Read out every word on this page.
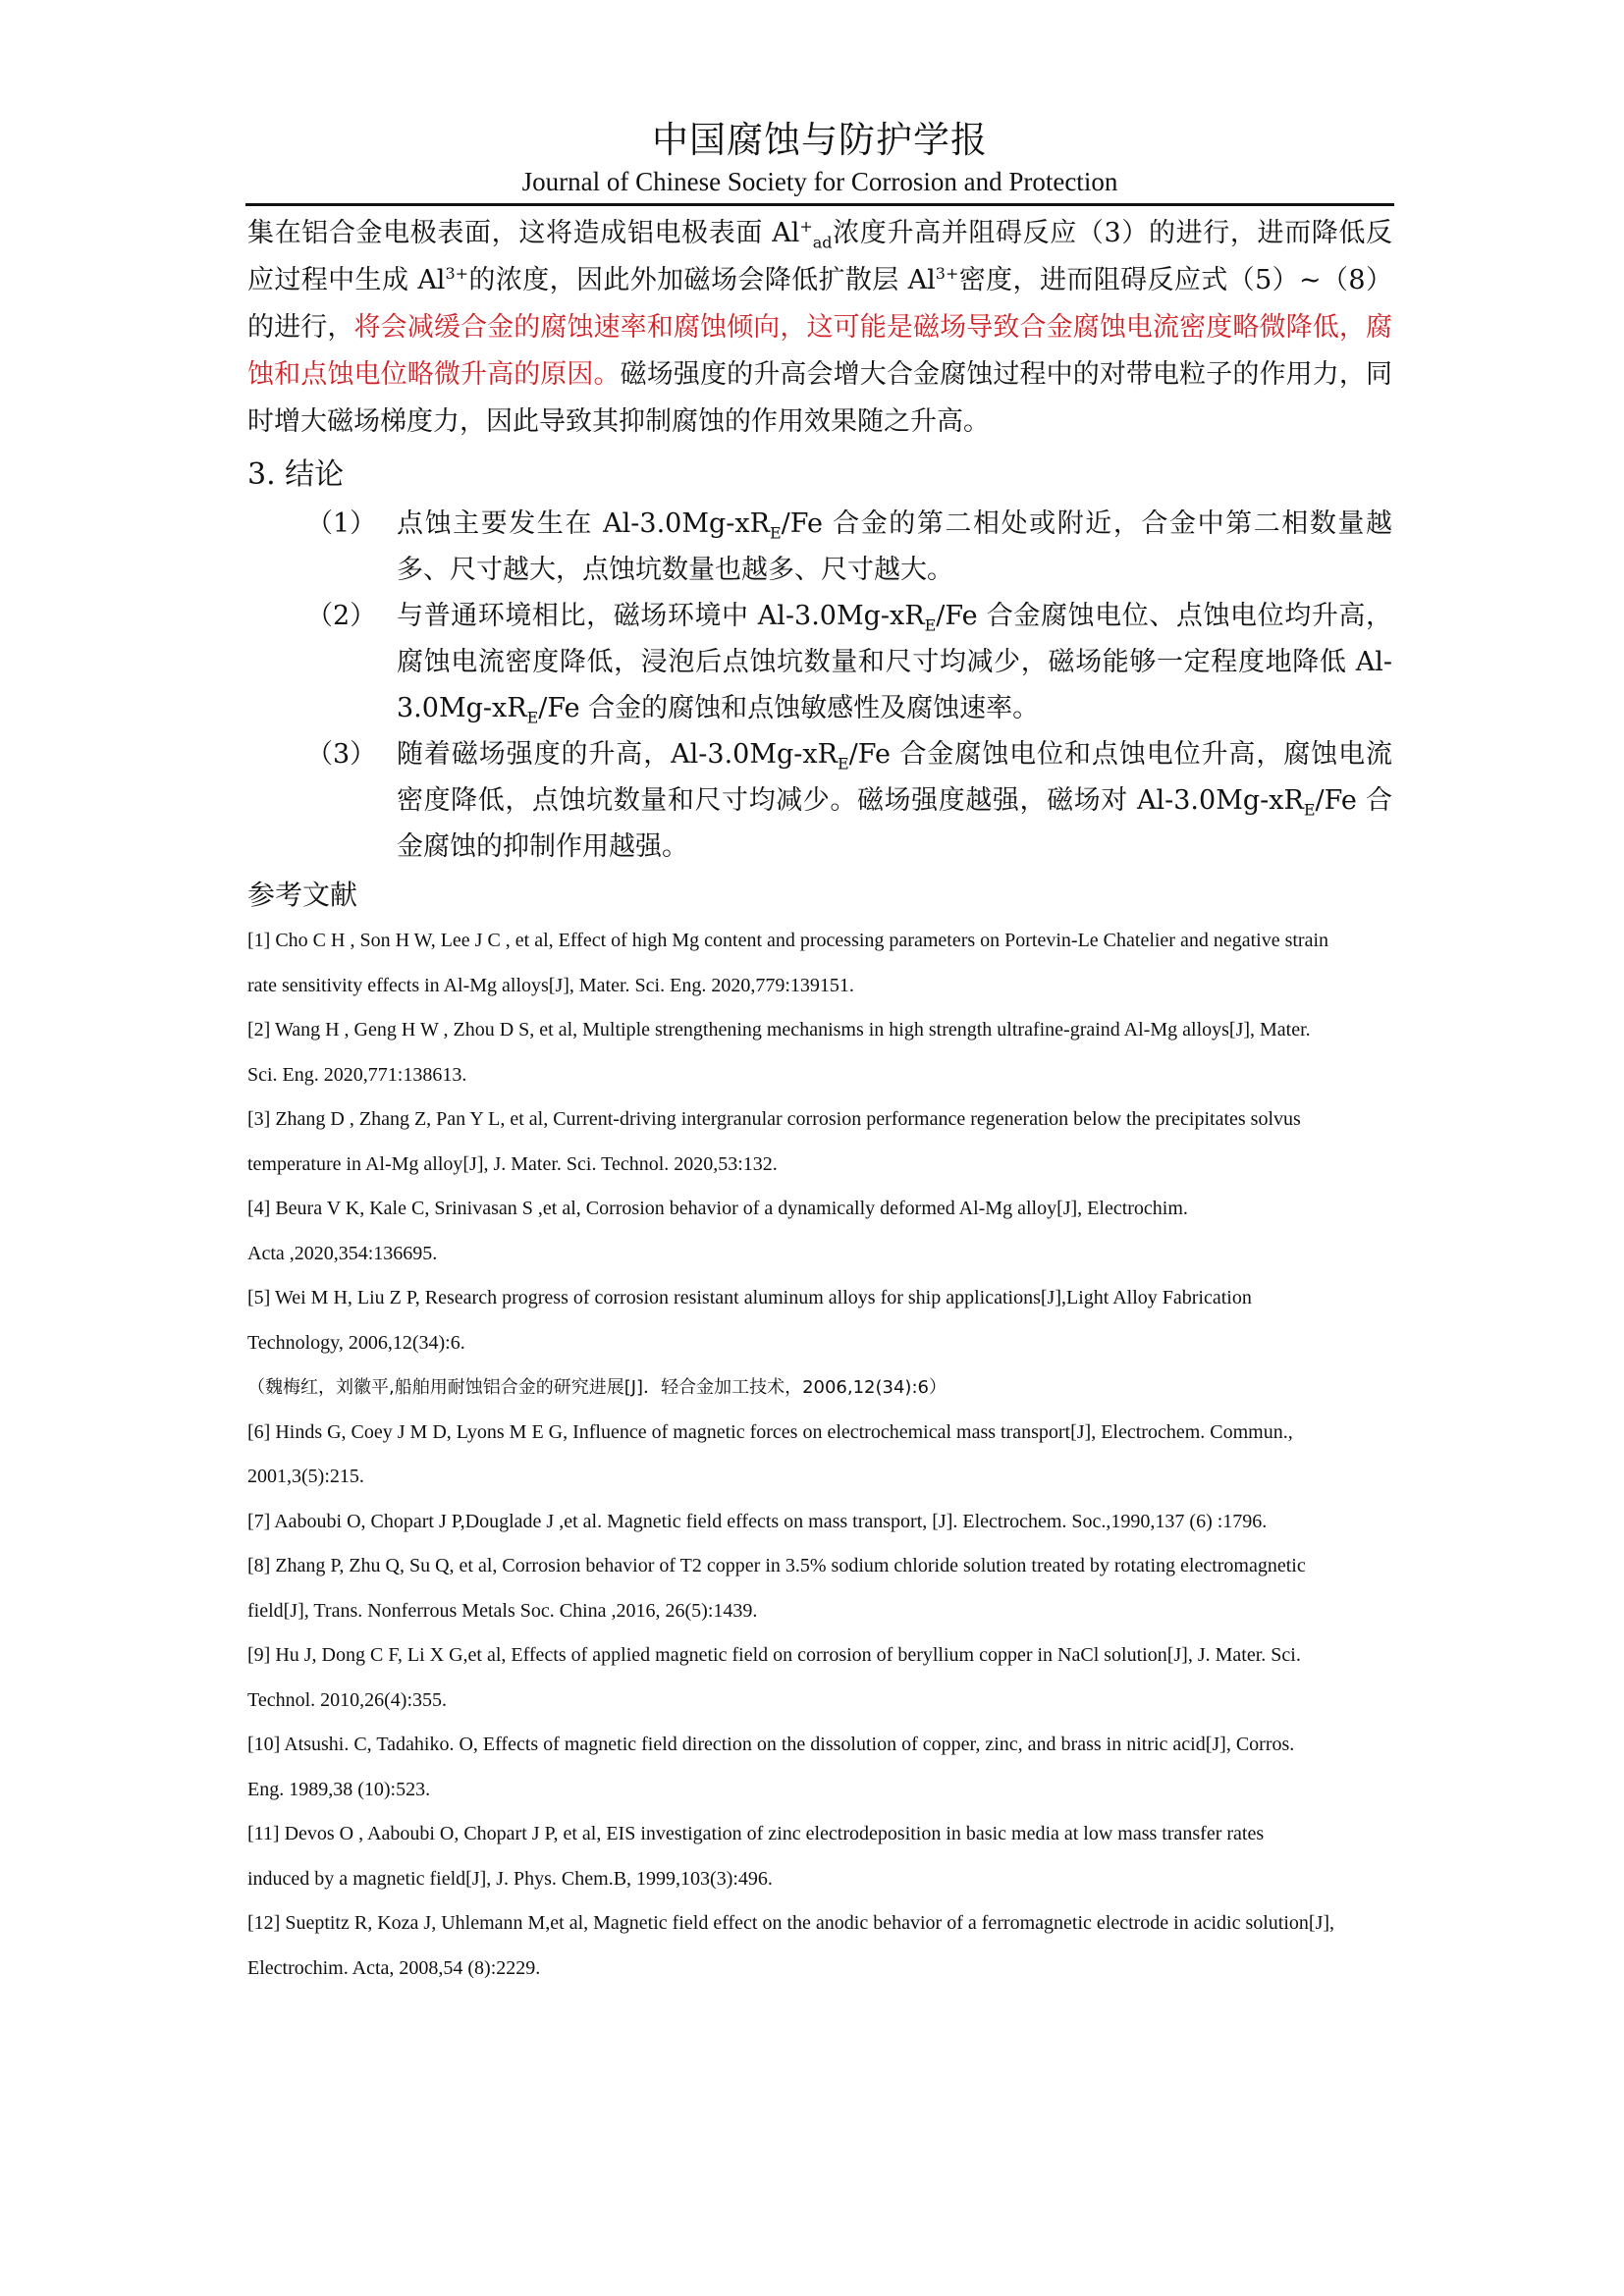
中国腐蚀与防护学报
Journal of Chinese Society for Corrosion and Protection

集在铝合金电极表面，这将造成铝电极表面 $Al^+_{ad}$浓度升高并阻碍反应（3）的进行，进而降低反应过程中生成 $Al^{3+}$的浓度，因此外加磁场会降低扩散层 $Al^{3+}$密度，进而阻碍反应式（5）~（8）的进行，将会减缓合金的腐蚀速率和腐蚀倾向，这可能是磁场导致合金腐蚀电流密度略微降低，腐蚀和点蚀电位略微升高的原因。磁场强度的升高会增大合金腐蚀过程中的对带电粒子的作用力，同时增大磁场梯度力，因此导致其抑制腐蚀的作用效果随之升高。

3. 结论
（1） 点蚀主要发生在 $Al-3.0Mg-xR_E/Fe$ 合金的第二相处或附近，合金中第二相数量越多、尺寸越大，点蚀坑数量也越多、尺寸越大。
（2） 与普通环境相比，磁场环境中 $Al-3.0Mg-xR_E/Fe$ 合金腐蚀电位、点蚀电位均升高，腐蚀电流密度降低，浸泡后点蚀坑数量和尺寸均减少，磁场能够一定程度地降低 $Al-3.0Mg-xR_E/Fe$ 合金的腐蚀和点蚀敏感性及腐蚀速率。
（3） 随着磁场强度的升高，$Al-3.0Mg-xR_E/Fe$ 合金腐蚀电位和点蚀电位升高，腐蚀电流密度降低，点蚀坑数量和尺寸均减少。磁场强度越强，磁场对 $Al-3.0Mg-xR_E/Fe$ 合金腐蚀的抑制作用越强。
参考文献

[1] Cho C H , Son H W, Lee J C , et al, Effect of high Mg content and processing parameters on Portevin-Le Chatelier and negative strain

rate sensitivity effects in Al-Mg alloys[J], Mater. Sci. Eng. 2020,779:139151.

[2] Wang H , Geng H W , Zhou D S, et al, Multiple strengthening mechanisms in high strength ultrafine-graind Al-Mg alloys[J], Mater.

Sci. Eng. 2020,771:138613.

[3] Zhang D , Zhang Z, Pan Y L, et al, Current-driving intergranular corrosion performance regeneration below the precipitates solvus

temperature in Al-Mg alloy[J], J. Mater. Sci. Technol. 2020,53:132.

[4] Beura V K, Kale C, Srinivasan S ,et al, Corrosion behavior of a dynamically deformed Al-Mg alloy[J], Electrochim.

Acta ,2020,354:136695.

[5] Wei M H, Liu Z P, Research progress of corrosion resistant aluminum alloys for ship applications[J],Light Alloy Fabrication

Technology, 2006,12(34):6.

（魏梅红，刘徽平,船舶用耐蚀铝合金的研究进展[J]．轻合金加工技术，2006,12(34):6）

[6] Hinds G, Coey J M D, Lyons M E G, Influence of magnetic forces on electrochemical mass transport[J], Electrochem. Commun.,

2001,3(5):215.

[7] Aaboubi O, Chopart J P,Douglade J ,et al. Magnetic field effects on mass transport, [J]. Electrochem. Soc.,1990,137 (6) :1796.

[8] Zhang P, Zhu Q, Su Q, et al, Corrosion behavior of T2 copper in 3.5% sodium chloride solution treated by rotating electromagnetic

field[J], Trans. Nonferrous Metals Soc. China ,2016, 26(5):1439.

[9] Hu J, Dong C F, Li X G,et al, Effects of applied magnetic field on corrosion of beryllium copper in NaCl solution[J], J. Mater. Sci.

Technol. 2010,26(4):355.

[10] Atsushi. C, Tadahiko. O, Effects of magnetic field direction on the dissolution of copper, zinc, and brass in nitric acid[J], Corros.

Eng. 1989,38 (10):523.

[11] Devos O , Aaboubi O, Chopart J P, et al, EIS investigation of zinc electrodeposition in basic media at low mass transfer rates

induced by a magnetic field[J], J. Phys. Chem.B, 1999,103(3):496.

[12] Sueptitz R, Koza J, Uhlemann M,et al, Magnetic field effect on the anodic behavior of a ferromagnetic electrode in acidic solution[J],

Electrochim. Acta, 2008,54 (8):2229.
